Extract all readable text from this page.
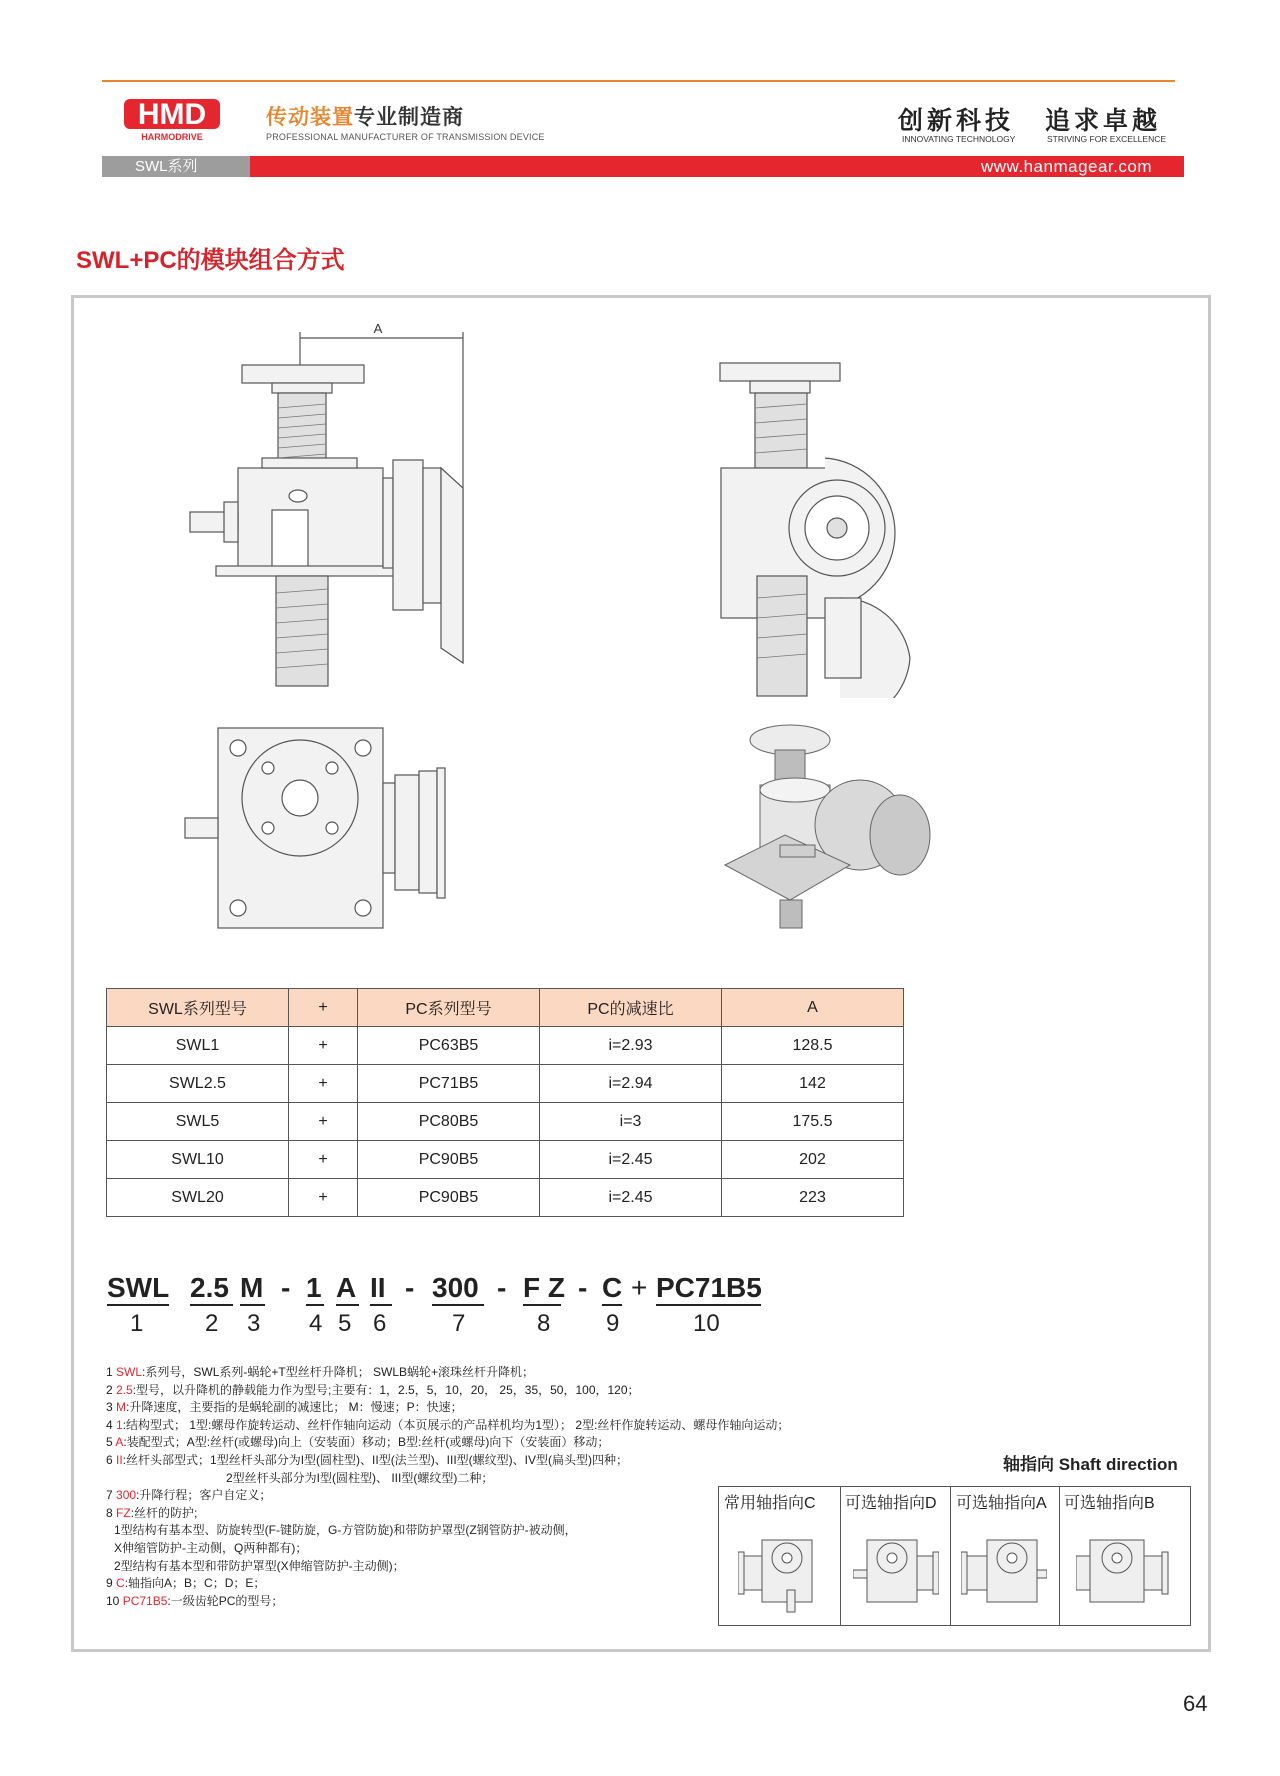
HMD
HARMODRIVE
传动装置专业制造商
PROFESSIONAL MANUFACTURER OF TRANSMISSION DEVICE
创新科技
INNOVATING TECHNOLOGY
追求卓越
STRIVING FOR EXCELLENCE
SWL系列	www.hanmagear.com
SWL+PC的模块组合方式
A
SWL系列型号	+	PC系列型号	PC的减速比	A
SWL1	+	PC63B5	i=2.93	128.5
SWL2.5	+	PC71B5	i=2.94	142
SWL5	+	PC80B5	i=3	175.5
SWL10	+	PC90B5	i=2.45	202
SWL20	+	PC90B5	i=2.45	223
SWL 2.5 M - 1 A II - 300 - F Z - C + PC71B5
1	2 3 4 5 6	7	8 9	10
1 SWL:系列号，SWL系列-蜗轮+T型丝杆升降机； SWLB蜗轮+滚珠丝杆升降机；
2 2.5:型号，以升降机的静载能力作为型号;主要有：1，2.5，5，10，20， 25，35，50，100，120；
3 M:升降速度，主要指的是蜗轮副的减速比； M：慢速；P：快速；
4 1:结构型式； 1型:螺母作旋转运动、丝杆作轴向运动（本页展示的产品样机均为1型）； 2型:丝杆作旋转运动、螺母作轴向运动；
5 A:装配型式；A型:丝杆(或螺母)向上（安装面）移动；B型:丝杆(或螺母)向下（安装面）移动；
6 II:丝杆头部型式；1型丝杆头部分为I型(圆柱型)、II型(法兰型)、III型(螺纹型)、IV型(扁头型)四种；
2型丝杆头部分为I型(圆柱型)、 III型(螺纹型)二种；
7 300:升降行程；客户自定义；
8 FZ:丝杆的防护;
1型结构有基本型、防旋转型(F-键防旋，G-方管防旋)和带防护罩型(Z钢管防护-被动侧，
X伸缩管防护-主动侧，Q两种都有)；
2型结构有基本型和带防护罩型(X伸缩管防护-主动侧)；
9 C:轴指向A；B；C；D；E；
10 PC71B5:一级齿轮PC的型号；
轴指向 Shaft direction
常用轴指向C 可选轴指向D 可选轴指向A 可选轴指向B
64
